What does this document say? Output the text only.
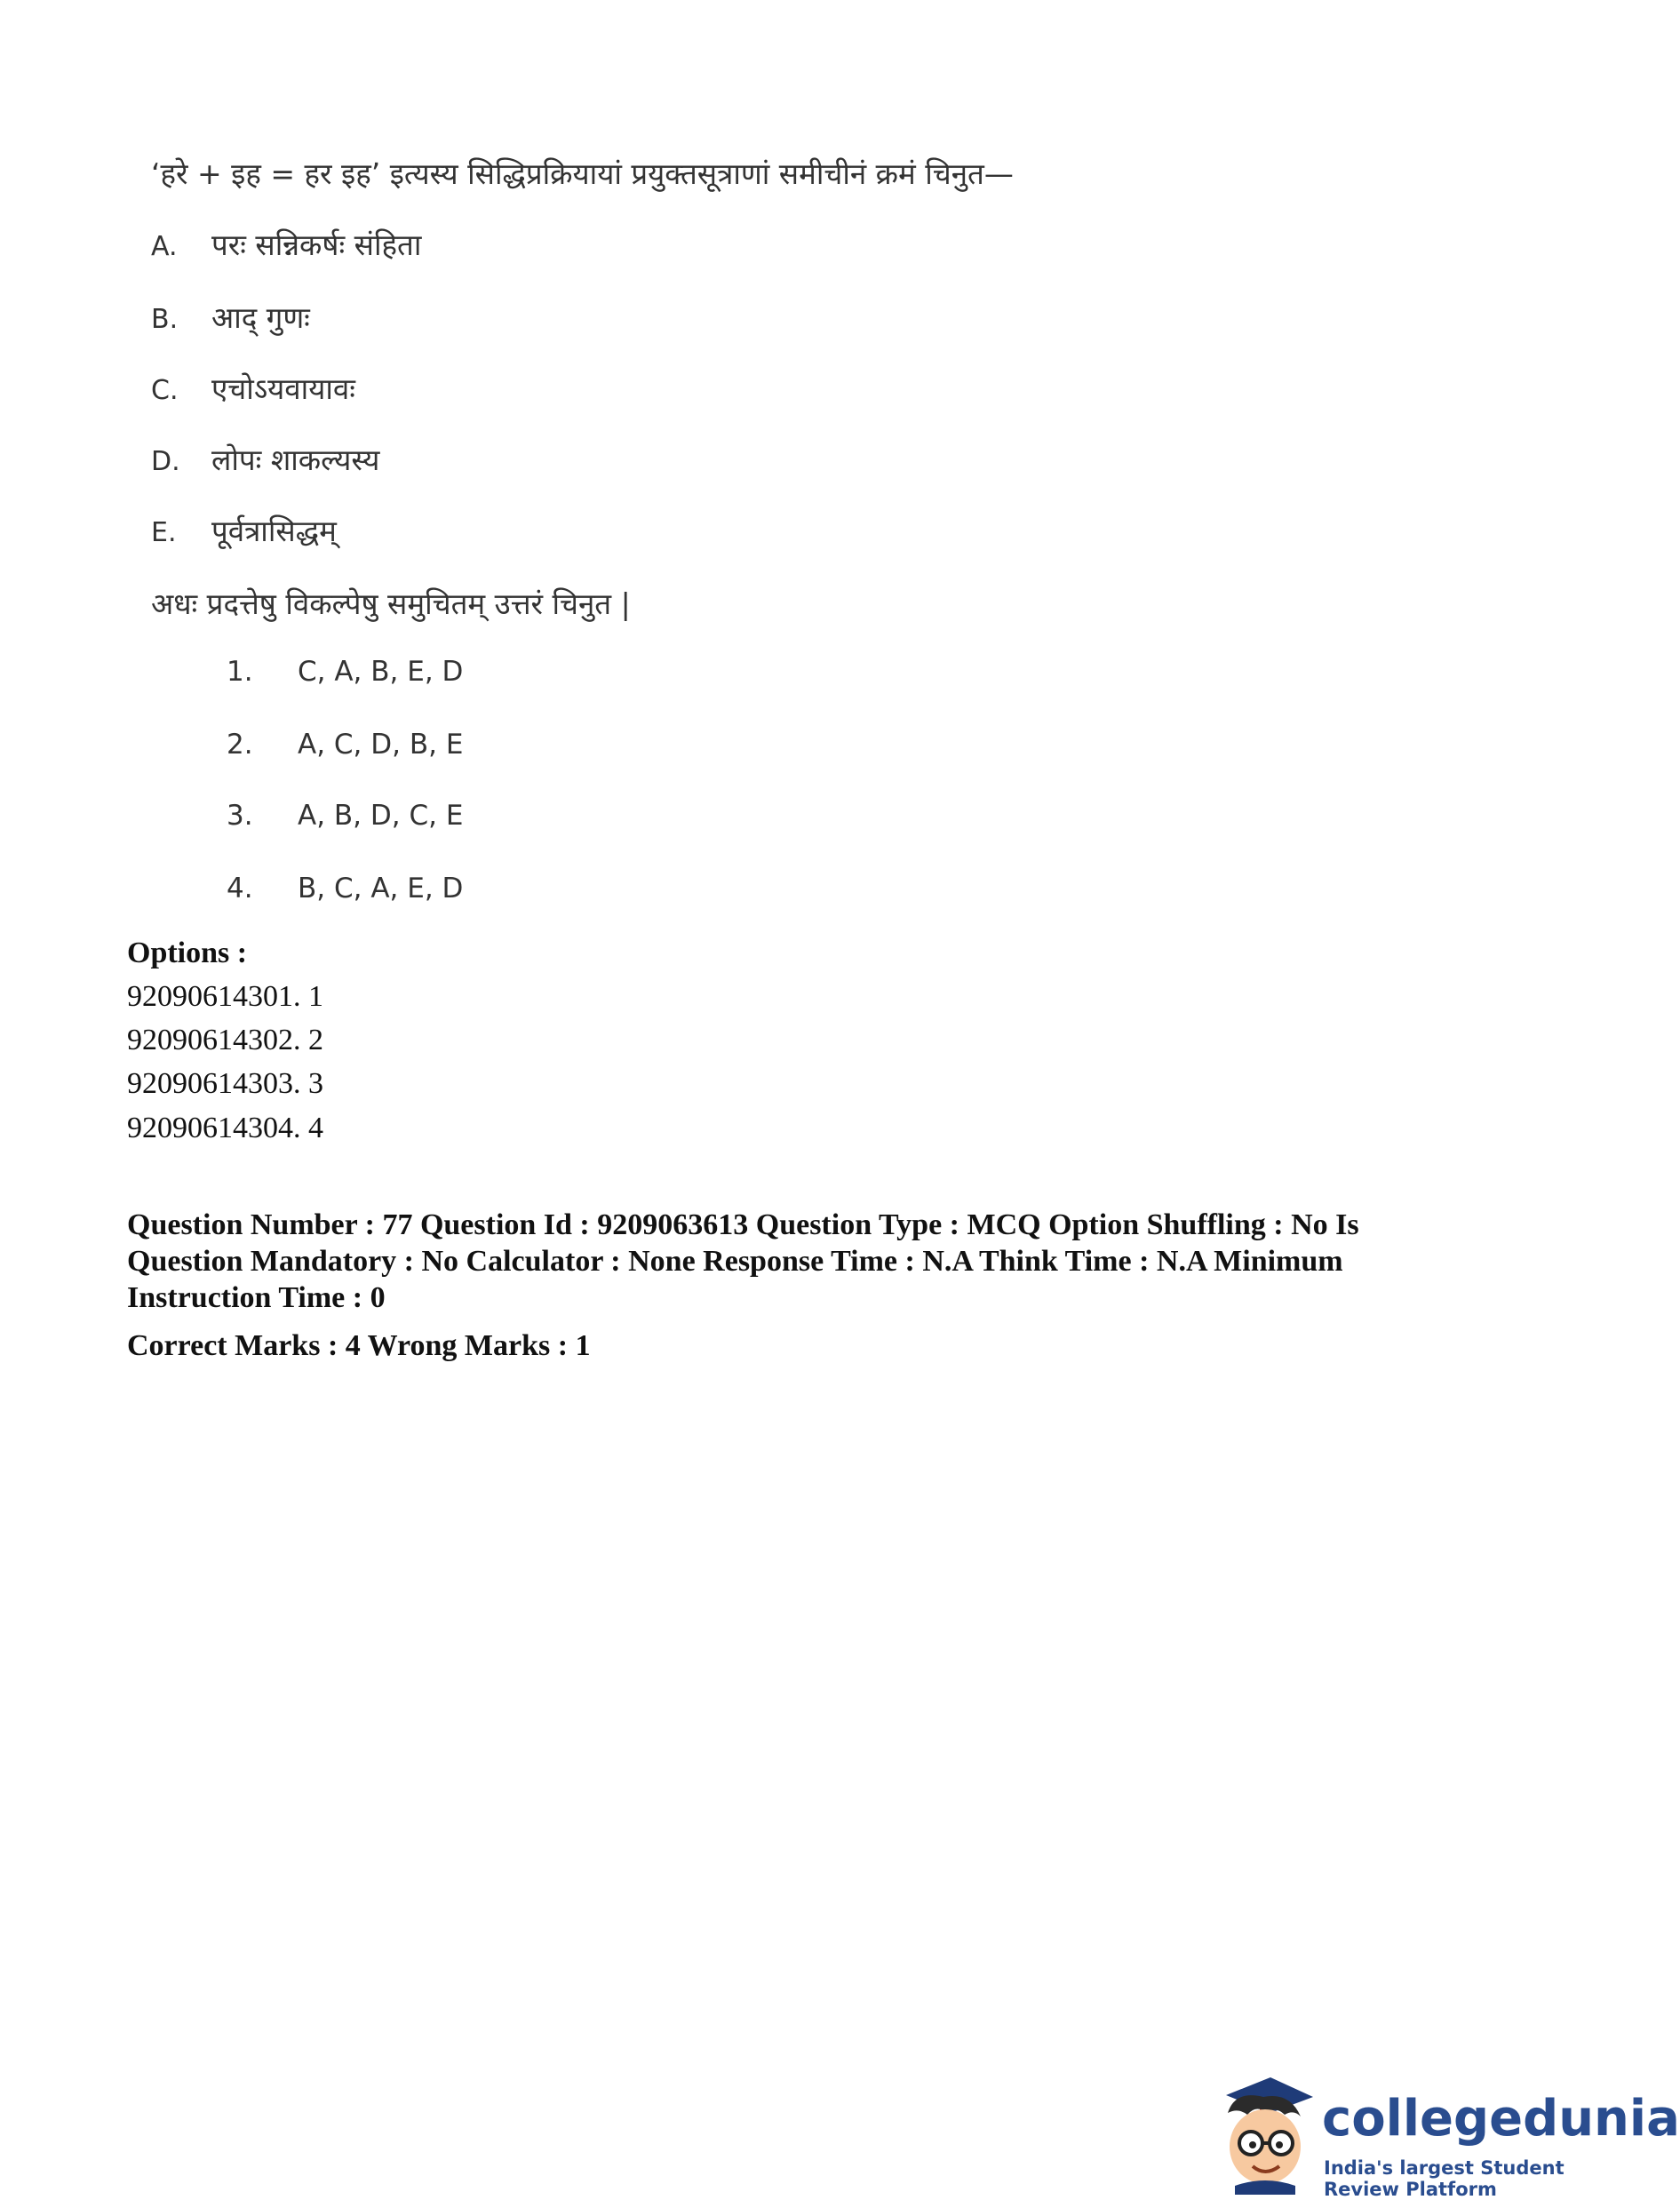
‘हरे + इह = हर इह’ इत्यस्य सिद्धिप्रक्रियायां प्रयुक्तसूत्राणां समीचीनं क्रमं चिनुत—
A. परः सन्निकर्षः संहिता
B. आद् गुणः
C. एचोऽयवायावः
D. लोपः शाकल्यस्य
E. पूर्वत्रासिद्धम्
अधः प्रदत्तेषु विकल्पेषु समुचितम् उत्तरं चिनुत |
1. C, A, B, E, D
2. A, C, D, B, E
3. A, B, D, C, E
4. B, C, A, E, D
Options :
92090614301. 1
92090614302. 2
92090614303. 3
92090614304. 4
Question Number : 77 Question Id : 9209063613 Question Type : MCQ Option Shuffling : No Is Question Mandatory : No Calculator : None Response Time : N.A Think Time : N.A Minimum Instruction Time : 0
Correct Marks : 4 Wrong Marks : 1
collegedunia
India's largest Student Review Platform
